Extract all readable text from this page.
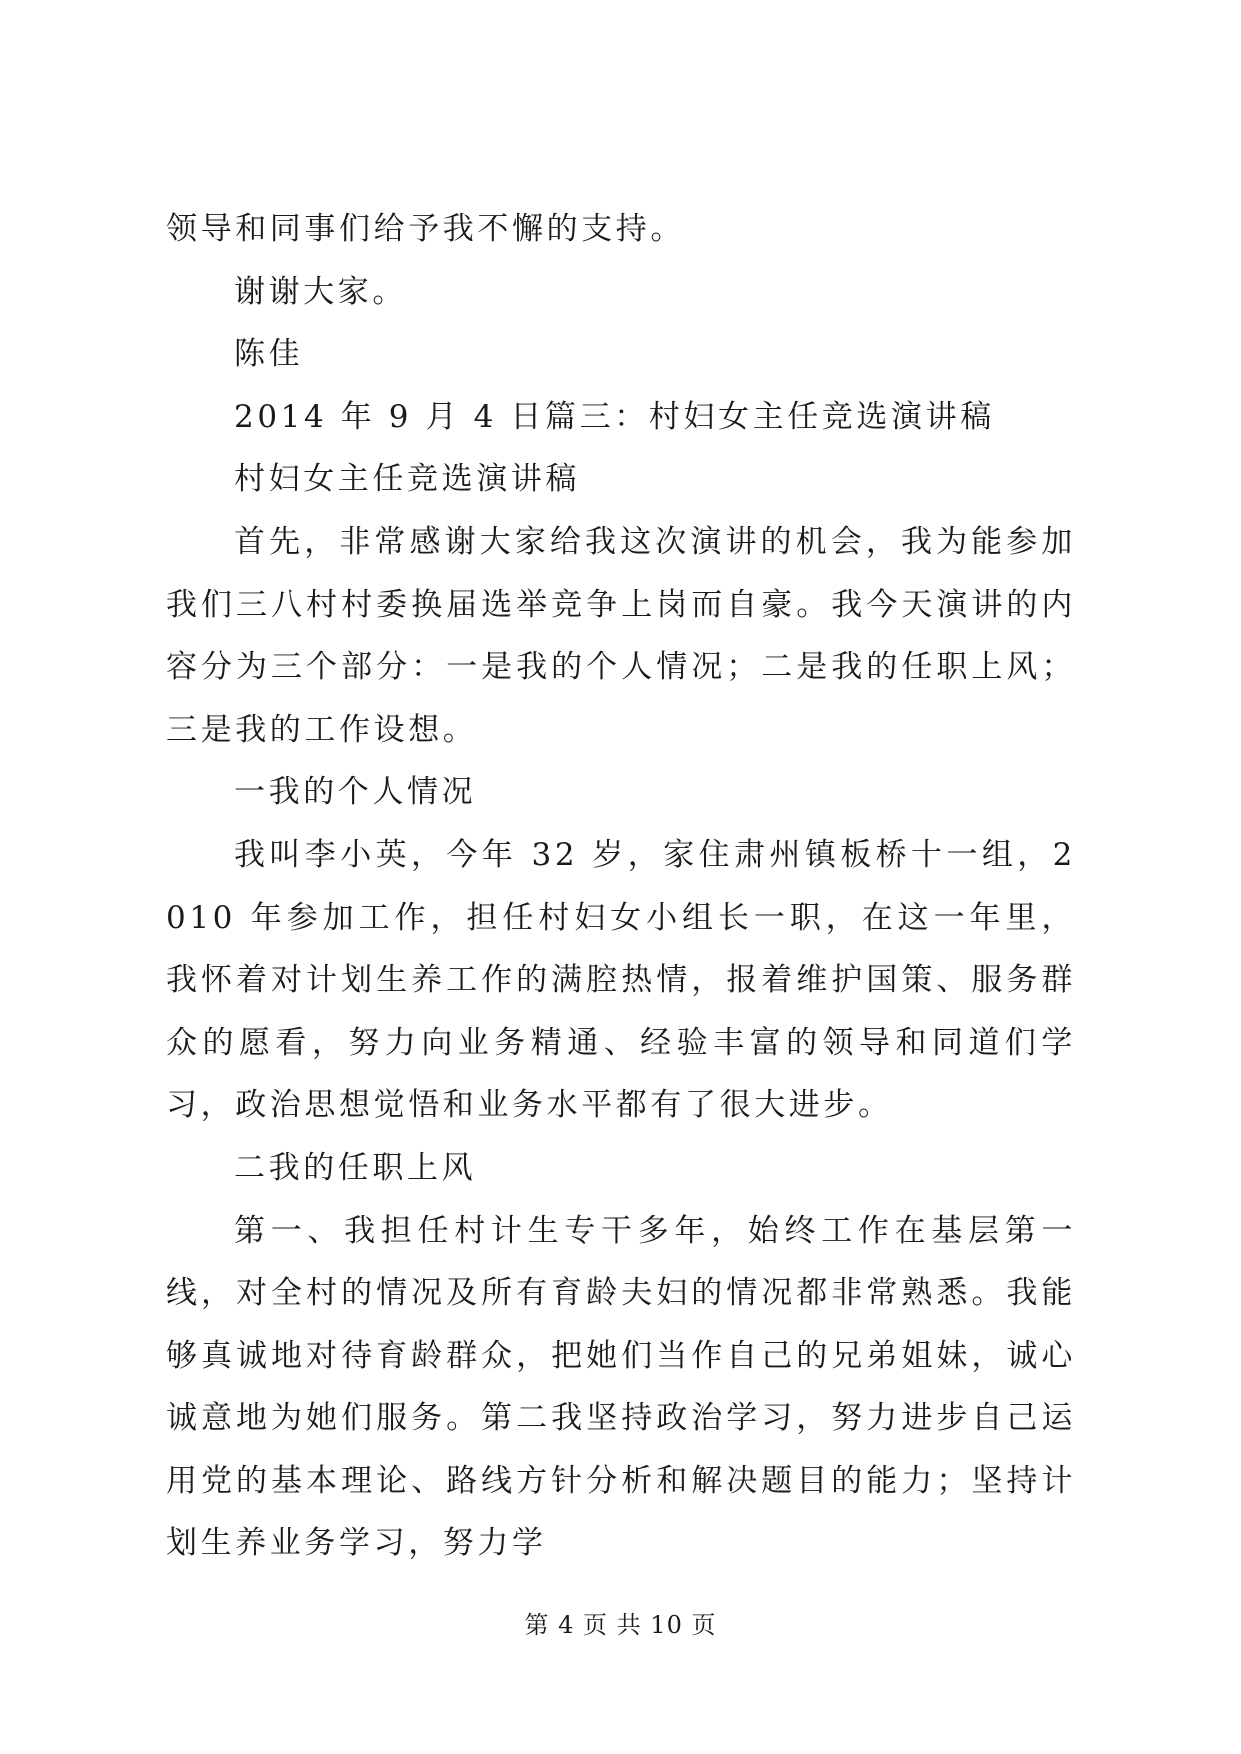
领导和同事们给予我不懈的支持。

谢谢大家。

陈佳

2014 年 9 月 4 日篇三：村妇女主任竞选演讲稿

村妇女主任竞选演讲稿

首先，非常感谢大家给我这次演讲的机会，我为能参加我们三八村村委换届选举竞争上岗而自豪。我今天演讲的内容分为三个部分：一是我的个人情况；二是我的任职上风；三是我的工作设想。

一我的个人情况

我叫李小英，今年 32 岁，家住肃州镇板桥十一组，2010 年参加工作，担任村妇女小组长一职，在这一年里，我怀着对计划生养工作的满腔热情，报着维护国策、服务群众的愿看，努力向业务精通、经验丰富的领导和同道们学习，政治思想觉悟和业务水平都有了很大进步。

二我的任职上风

第一、我担任村计生专干多年，始终工作在基层第一线，对全村的情况及所有育龄夫妇的情况都非常熟悉。我能够真诚地对待育龄群众，把她们当作自己的兄弟姐妹，诚心诚意地为她们服务。第二我坚持政治学习，努力进步自己运用党的基本理论、路线方针分析和解决题目的能力；坚持计划生养业务学习，努力学

第 4 页 共 10 页
